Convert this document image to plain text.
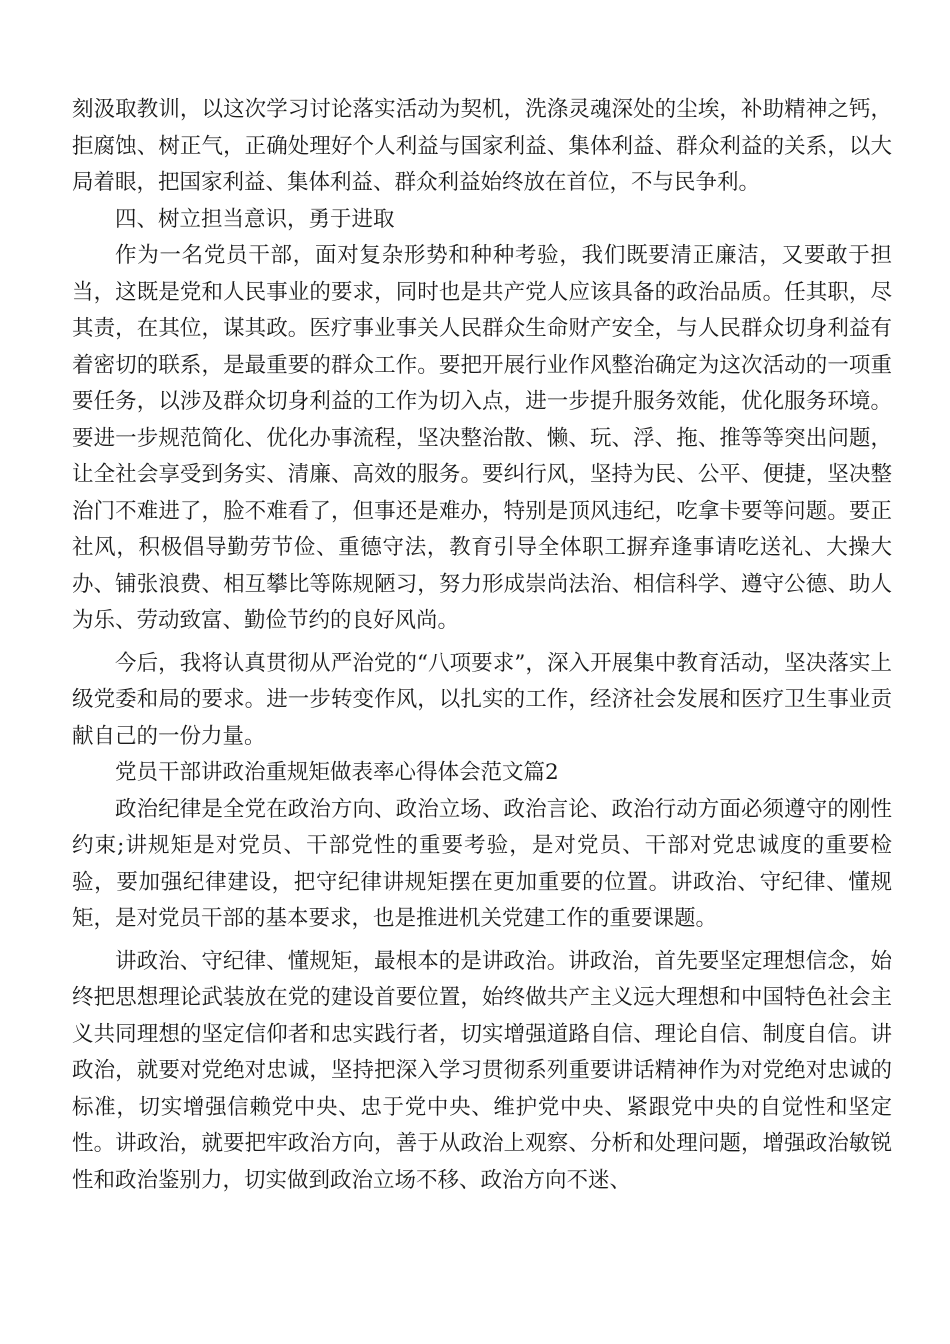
刻汲取教训，以这次学习讨论落实活动为契机，洗涤灵魂深处的尘埃，补助精神之钙，拒腐蚀、树正气，正确处理好个人利益与国家利益、集体利益、群众利益的关系，以大局着眼，把国家利益、集体利益、群众利益始终放在首位，不与民争利。

四、树立担当意识，勇于进取

作为一名党员干部，面对复杂形势和种种考验，我们既要清正廉洁，又要敢于担当，这既是党和人民事业的要求，同时也是共产党人应该具备的政治品质。任其职，尽其责，在其位，谋其政。医疗事业事关人民群众生命财产安全，与人民群众切身利益有着密切的联系，是最重要的群众工作。要把开展行业作风整治确定为这次活动的一项重要任务，以涉及群众切身利益的工作为切入点，进一步提升服务效能，优化服务环境。要进一步规范简化、优化办事流程，坚决整治散、懒、玩、浮、拖、推等等突出问题，让全社会享受到务实、清廉、高效的服务。要纠行风，坚持为民、公平、便捷，坚决整治门不难进了，脸不难看了，但事还是难办，特别是顶风违纪，吃拿卡要等问题。要正社风，积极倡导勤劳节俭、重德守法，教育引导全体职工摒弃逢事请吃送礼、大操大办、铺张浪费、相互攀比等陈规陋习，努力形成崇尚法治、相信科学、遵守公德、助人为乐、劳动致富、勤俭节约的良好风尚。

今后，我将认真贯彻从严治党的“八项要求”，深入开展集中教育活动，坚决落实上级党委和局的要求。进一步转变作风，以扎实的工作，经济社会发展和医疗卫生事业贡献自己的一份力量。

党员干部讲政治重规矩做表率心得体会范文篇2

政治纪律是全党在政治方向、政治立场、政治言论、政治行动方面必须遵守的刚性约束;讲规矩是对党员、干部党性的重要考验，是对党员、干部对党忠诚度的重要检验，要加强纪律建设，把守纪律讲规矩摆在更加重要的位置。讲政治、守纪律、懂规矩，是对党员干部的基本要求，也是推进机关党建工作的重要课题。

讲政治、守纪律、懂规矩，最根本的是讲政治。讲政治，首先要坚定理想信念，始终把思想理论武装放在党的建设首要位置，始终做共产主义远大理想和中国特色社会主义共同理想的坚定信仰者和忠实践行者，切实增强道路自信、理论自信、制度自信。讲政治，就要对党绝对忠诚，坚持把深入学习贯彻系列重要讲话精神作为对党绝对忠诚的标准，切实增强信赖党中央、忠于党中央、维护党中央、紧跟党中央的自觉性和坚定性。讲政治，就要把牢政治方向，善于从政治上观察、分析和处理问题，增强政治敏锐性和政治鉴别力，切实做到政治立场不移、政治方向不迷、
